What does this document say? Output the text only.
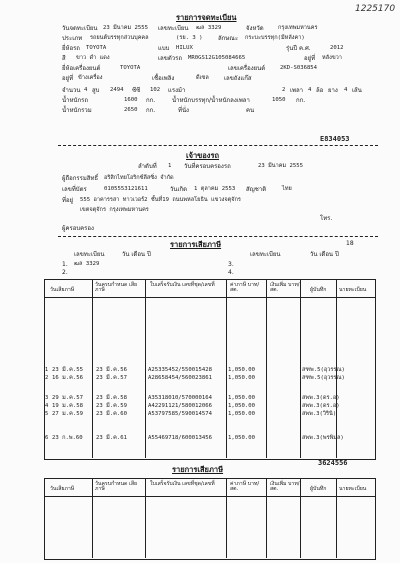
1225170
รายการจดทะเบียน
วันจดทะเบียน 23 มีนาคม 2555 เลขทะเบียน ฒล 3329	จังหวัด	กรุงเทพมหานคร
ประเภท รถยนต์บรรทุกส่วนบุคคล	(รย. 3 )	ลักษณะ กระบะบรรทุก(มีหลังคา)
ยี่ห้อรถ TOYOTA	แบบ HILUX	รุ่นปี ค.ศ.	2012
สี ขาว ดำ แดง	เลขตัวรถ MR0GS12G105084665	อยู่ที่ หลังขวา
ยี่ห้อเครื่องยนต์	TOYOTA	เลขเครื่องยนต์	2KD-S036854
อยู่ที่ ข้างเครื่อง	เชื้อเพลิง	ดีเซล	เลขถังแก๊ส
จำนวน 4 สูบ 2494 ซีซี 102 แรงม้า	2 เพลา 4 ล้อ ยาง 4 เส้น
น้ำหนักรถ	1600 กก.	น้ำหนักบรรทุก/น้ำหนักลงเพลา	1050 กก.
น้ำหนักรวม	2650 กก.	ที่นั่ง	คน
E834053
เจ้าของรถ
ลำดับที่ 1 วันที่ครอบครองรถ	23 มีนาคม 2555
ผู้ถือกรรมสิทธิ์ อริสิกไทยโอริกซ์ลีสซิ่ง จำกัด
เลขที่บัตร	0105553121611	วันเกิด 1 ตุลาคม 2553 สัญชาติ	ไทย
ที่อยู่ 555 อาคารรสา ทาวเวอร์2 ชั้นที่19 ถนนพหลโยธิน แขวงจตุจักร
เขตจตุจักร กรุงเทพมหานคร
โทร.
ผู้ครอบครอง
รายการเสียภาษี	18
เลขทะเบียน	วัน เดือน ปี	เลขทะเบียน	วัน เดือน ปี
1. ฒล 3329	3.
2.	4.
วันเสียภาษี
วันครบกำหนด เสียภาษี
ใบเสร็จรับเงิน เลขที่ชุด/เลขที่	ค่าภาษี บาท/สต.
เงินเพิ่ม บาท/สต.	ผู้บันทึก นายทะเบียน
1
2
3
4
5
6
23 มี.ค.55 23 มี.ค.56	A25335452/550015428	1,050.00	สฑพ.5(อุวรรณ)
16 ม.ค.56 23 มี.ค.57	A28658454/560023861	1,050.00	สฑพ.5(อุวรรณ)
29 ม.ค.57 23 มี.ค.58	A35318010/570000164	1,050.00	สพพ.3(ดร.อ)
19 ม.ค.58 23 มี.ค.59	A42291121/580012066	1,050.00	สพพ.3(ดร.อ)
27 ม.ค.59 23 มี.ค.60	A53797585/590014574	1,050.00	สพพ.3(วิรินิ)
23 ก.พ.60 23 มี.ค.61	A55469718/600013456	1,050.00	สพพ.3(พรพิมล)
3624556
รายการเสียภาษี
วันเสียภาษี
วันครบกำหนด เสียภาษี
ใบเสร็จรับเงิน เลขที่ชุด/เลขที่	ค่าภาษี บาท/สต.
เงินเพิ่ม บาท/สต.	ผู้บันทึก นายทะเบียน
